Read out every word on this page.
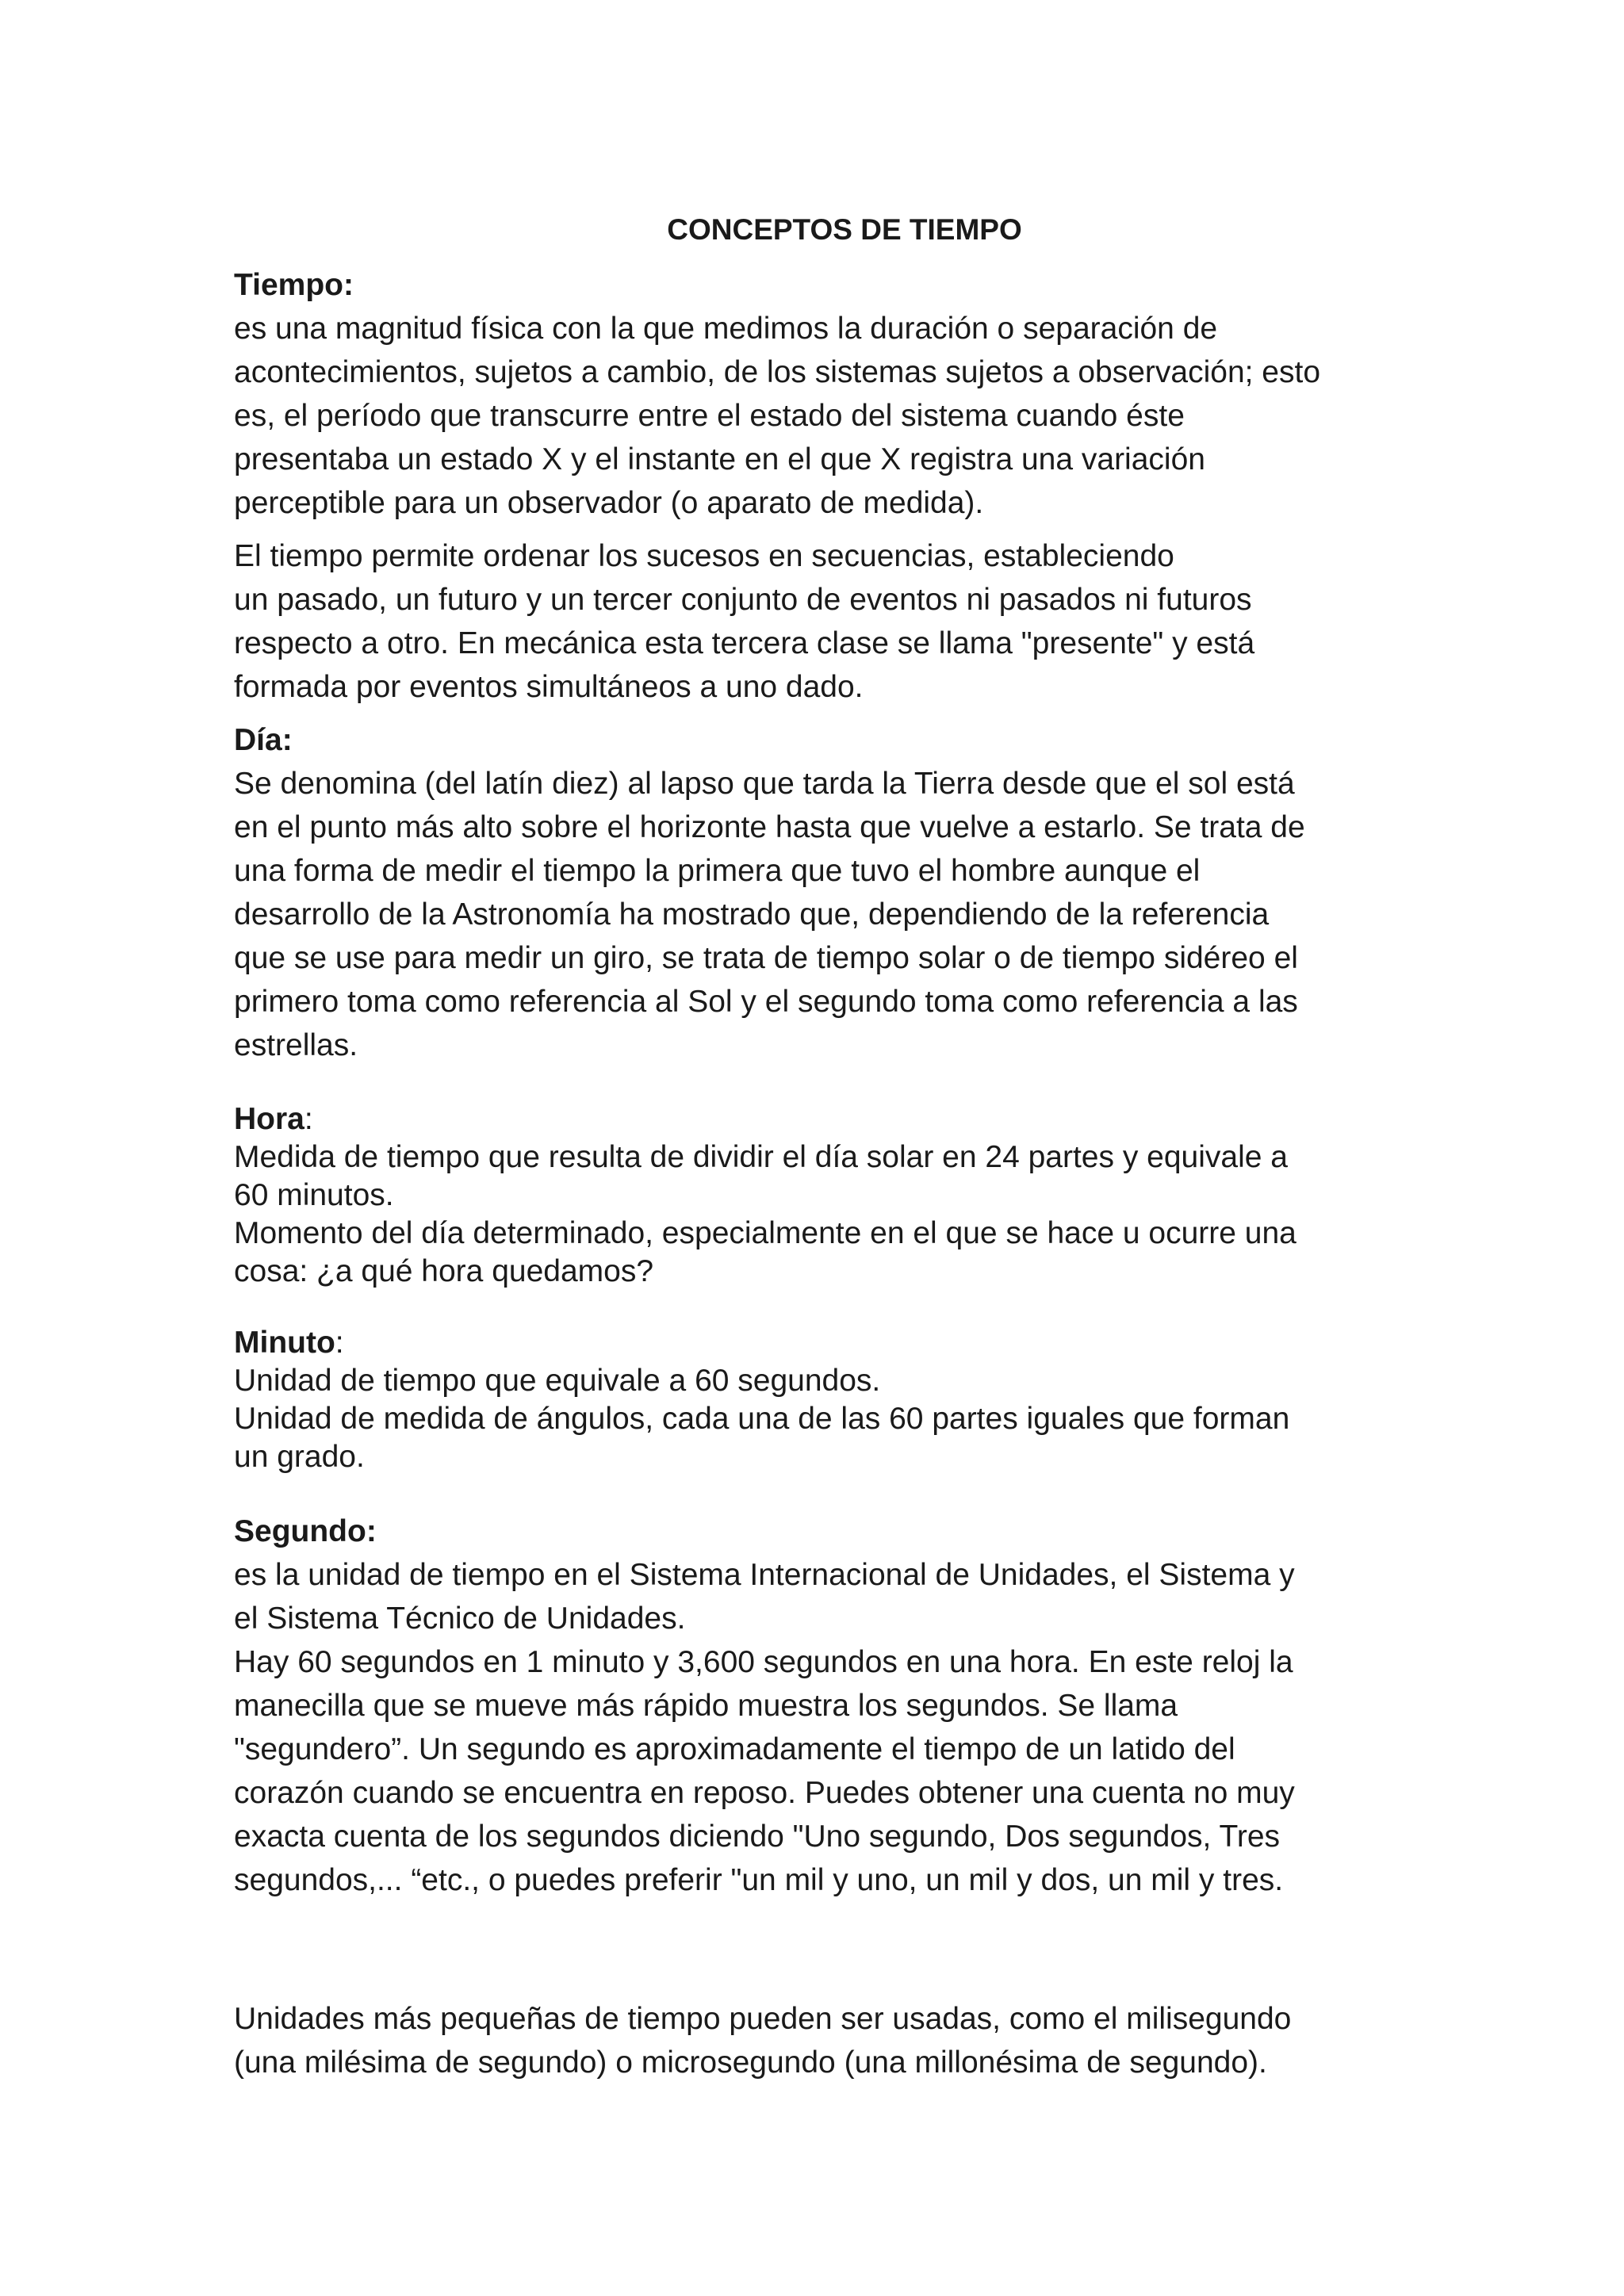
CONCEPTOS DE TIEMPO
Tiempo:
es una magnitud física con la que medimos la duración o separación de
acontecimientos, sujetos a cambio, de los sistemas sujetos a observación; esto
es, el período que transcurre entre el estado del sistema cuando éste
presentaba un estado X y el instante en el que X registra una variación
perceptible para un observador (o aparato de medida).
El tiempo permite ordenar los sucesos en secuencias, estableciendo
un pasado, un futuro y un tercer conjunto de eventos ni pasados ni futuros
respecto a otro. En mecánica esta tercera clase se llama "presente" y está
formada por eventos simultáneos a uno dado.
Día:
Se denomina (del latín diez) al lapso que tarda la Tierra desde que el sol está
en el punto más alto sobre el horizonte hasta que vuelve a estarlo. Se trata de
una forma de medir el tiempo la primera que tuvo el hombre aunque el
desarrollo de la Astronomía ha mostrado que, dependiendo de la referencia
que se use para medir un giro, se trata de tiempo solar o de tiempo sidéreo el
primero toma como referencia al Sol y el segundo toma como referencia a las
estrellas.
Hora:
Medida de tiempo que resulta de dividir el día solar en 24 partes y equivale a
60 minutos.
Momento del día determinado, especialmente en el que se hace u ocurre una
cosa: ¿a qué hora quedamos?
Minuto:
Unidad de tiempo que equivale a 60 segundos.
Unidad de medida de ángulos, cada una de las 60 partes iguales que forman
un grado.
Segundo:
es la unidad de tiempo en el Sistema Internacional de Unidades, el Sistema y
el Sistema Técnico de Unidades.
Hay 60 segundos en 1 minuto y 3,600 segundos en una hora. En este reloj la
manecilla que se mueve más rápido muestra los segundos. Se llama
"segundero”. Un segundo es aproximadamente el tiempo de un latido del
corazón cuando se encuentra en reposo. Puedes obtener una cuenta no muy
exacta cuenta de los segundos diciendo "Uno segundo, Dos segundos, Tres
segundos,... “etc., o puedes preferir "un mil y uno, un mil y dos, un mil y tres.
Unidades más pequeñas de tiempo pueden ser usadas, como el milisegundo
(una milésima de segundo) o microsegundo (una millonésima de segundo).
